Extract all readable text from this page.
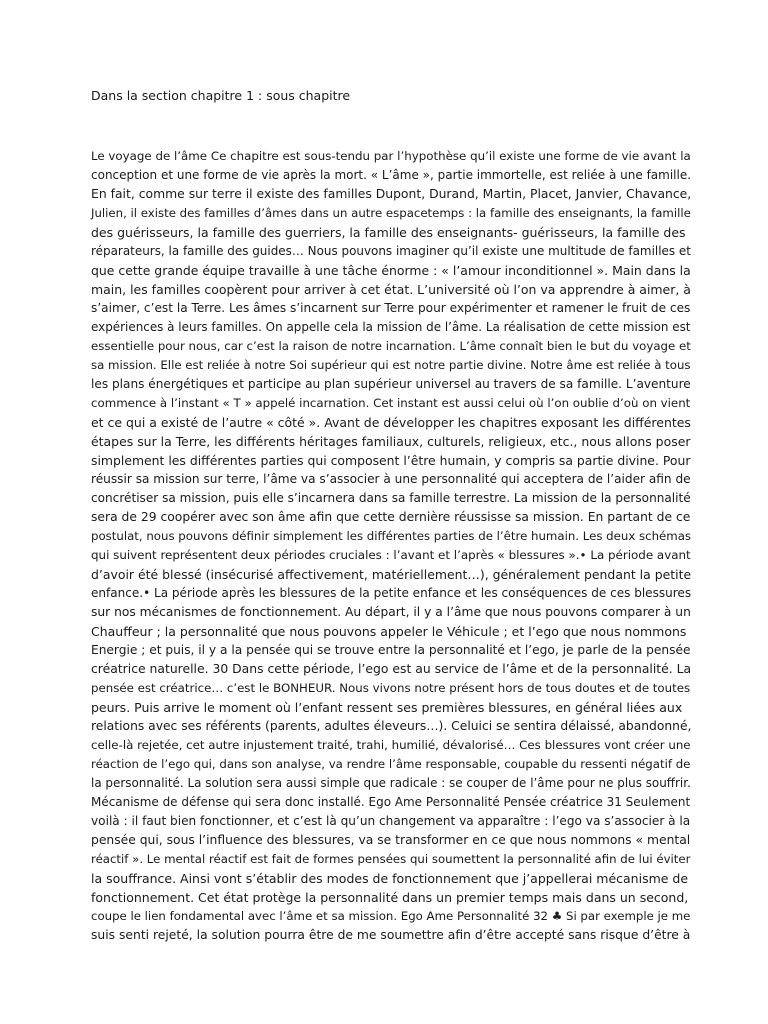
Dans la section chapitre 1 : sous chapitre
Le voyage de l’âme Ce chapitre est sous-tendu par l’hypothèse qu’il existe une forme de vie avant la
conception et une forme de vie après la mort. « L’âme », partie immortelle, est reliée à une famille.
En fait, comme sur terre il existe des familles Dupont, Durand, Martin, Placet, Janvier, Chavance,
Julien, il existe des familles d’âmes dans un autre espacetemps : la famille des enseignants, la famille
des guérisseurs, la famille des guerriers, la famille des enseignants- guérisseurs, la famille des
réparateurs, la famille des guides… Nous pouvons imaginer qu’il existe une multitude de familles et
que cette grande équipe travaille à une tâche énorme : « l’amour inconditionnel ». Main dans la
main, les familles coopèrent pour arriver à cet état. L’université où l’on va apprendre à aimer, à
s’aimer, c’est la Terre. Les âmes s’incarnent sur Terre pour expérimenter et ramener le fruit de ces
expériences à leurs familles. On appelle cela la mission de l’âme. La réalisation de cette mission est
essentielle pour nous, car c’est la raison de notre incarnation. L’âme connaît bien le but du voyage et
sa mission. Elle est reliée à notre Soi supérieur qui est notre partie divine. Notre âme est reliée à tous
les plans énergétiques et participe au plan supérieur universel au travers de sa famille. L’aventure
commence à l’instant « T » appelé incarnation. Cet instant est aussi celui où l’on oublie d’où on vient
et ce qui a existé de l’autre « côté ». Avant de développer les chapitres exposant les différentes
étapes sur la Terre, les différents héritages familiaux, culturels, religieux, etc., nous allons poser
simplement les différentes parties qui composent l’être humain, y compris sa partie divine. Pour
réussir sa mission sur terre, l’âme va s’associer à une personnalité qui acceptera de l’aider afin de
concrétiser sa mission, puis elle s’incarnera dans sa famille terrestre. La mission de la personnalité
sera de 29 coopérer avec son âme afin que cette dernière réussisse sa mission. En partant de ce
postulat, nous pouvons définir simplement les différentes parties de l’être humain. Les deux schémas
qui suivent représentent deux périodes cruciales : l’avant et l’après « blessures ».• La période avant
d’avoir été blessé (insécurisé affectivement, matériellement…), généralement pendant la petite
enfance.• La période après les blessures de la petite enfance et les conséquences de ces blessures
sur nos mécanismes de fonctionnement. Au départ, il y a l’âme que nous pouvons comparer à un
Chauffeur ; la personnalité que nous pouvons appeler le Véhicule ; et l’ego que nous nommons
Energie ; et puis, il y a la pensée qui se trouve entre la personnalité et l’ego, je parle de la pensée
créatrice naturelle. 30 Dans cette période, l’ego est au service de l’âme et de la personnalité. La
pensée est créatrice… c’est le BONHEUR. Nous vivons notre présent hors de tous doutes et de toutes
peurs. Puis arrive le moment où l’enfant ressent ses premières blessures, en général liées aux
relations avec ses référents (parents, adultes éleveurs…). Celuici se sentira délaissé, abandonné,
celle-là rejetée, cet autre injustement traité, trahi, humilié, dévalorisé… Ces blessures vont créer une
réaction de l’ego qui, dans son analyse, va rendre l’âme responsable, coupable du ressenti négatif de
la personnalité. La solution sera aussi simple que radicale : se couper de l’âme pour ne plus souffrir.
Mécanisme de défense qui sera donc installé. Ego Ame Personnalité Pensée créatrice 31 Seulement
voilà : il faut bien fonctionner, et c’est là qu’un changement va apparaître : l’ego va s’associer à la
pensée qui, sous l’influence des blessures, va se transformer en ce que nous nommons « mental
réactif ». Le mental réactif est fait de formes pensées qui soumettent la personnalité afin de lui éviter
la souffrance. Ainsi vont s’établir des modes de fonctionnement que j’appellerai mécanisme de
fonctionnement. Cet état protège la personnalité dans un premier temps mais dans un second,
coupe le lien fondamental avec l’âme et sa mission. Ego Ame Personnalité 32 ♣ Si par exemple je me
suis senti rejeté, la solution pourra être de me soumettre afin d’être accepté sans risque d’être à
